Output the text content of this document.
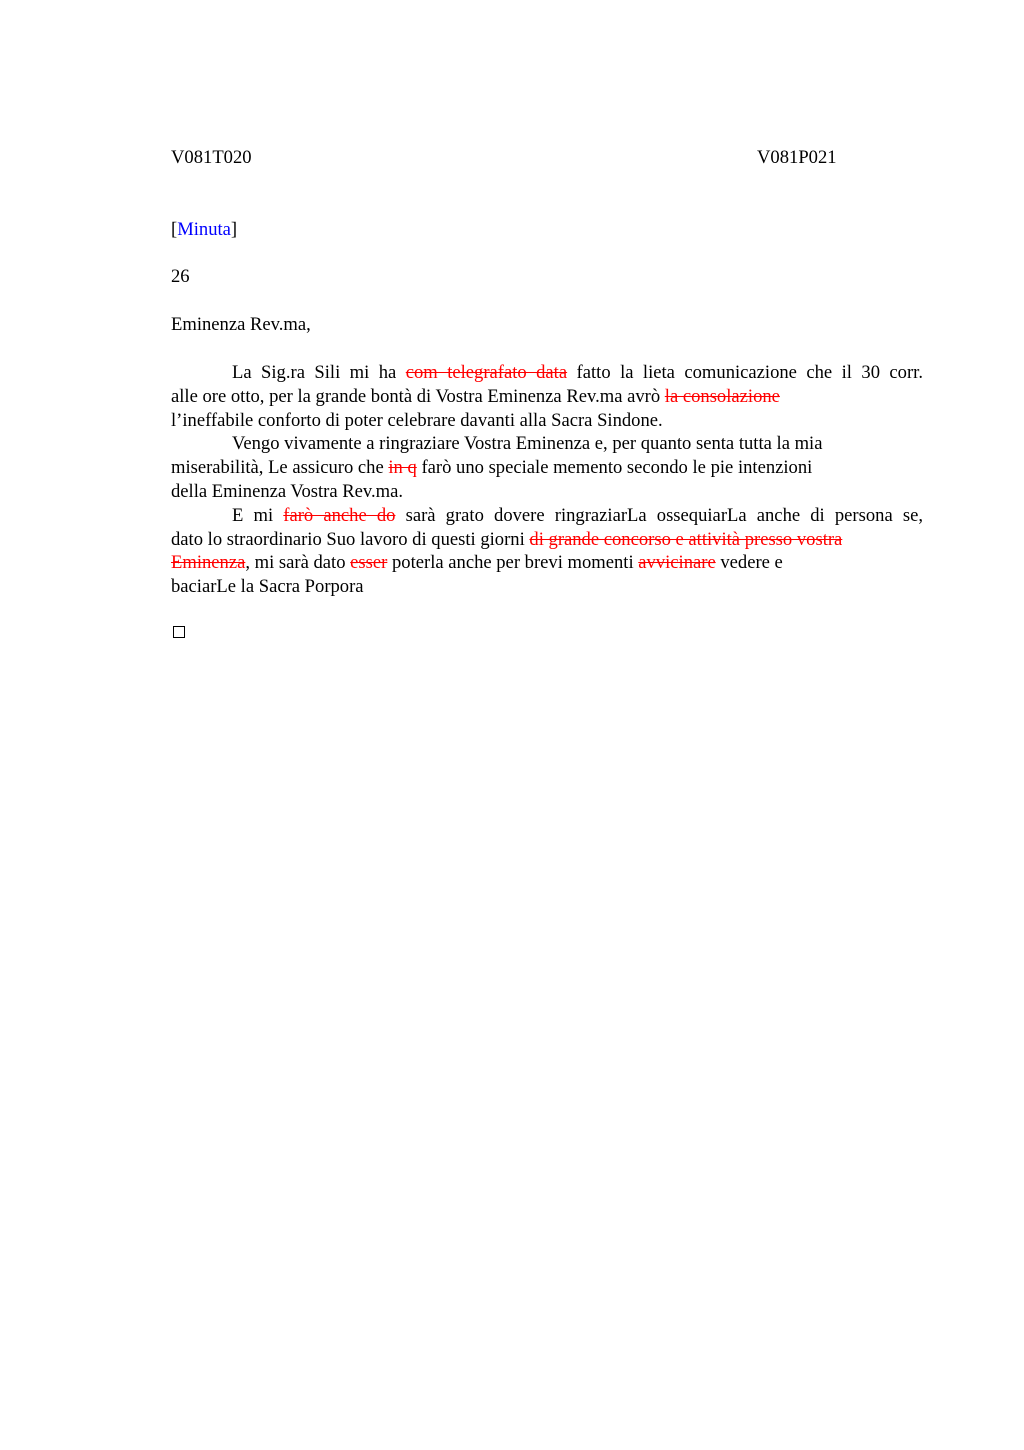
V081T020	V081P021
[Minuta]
26
Eminenza Rev.ma,
La Sig.ra Sili mi ha com telegrafato data fatto la lieta comunicazione che il 30 corr.
alle ore otto, per la grande bontà di Vostra Eminenza Rev.ma avrò la consolazione
l’ineffabile conforto di poter celebrare davanti alla Sacra Sindone.
Vengo vivamente a ringraziare Vostra Eminenza e, per quanto senta tutta la mia
miserabilità, Le assicuro che in q farò uno speciale memento secondo le pie intenzioni
della Eminenza Vostra Rev.ma.
E mi farò anche do sarà grato dovere ringraziarLa ossequiarLa anche di persona se,
dato lo straordinario Suo lavoro di questi giorni di grande concorso e attività presso vostra
Eminenza, mi sarà dato esser poterla anche per brevi momenti avvicinare vedere e
baciarLe la Sacra Porpora
